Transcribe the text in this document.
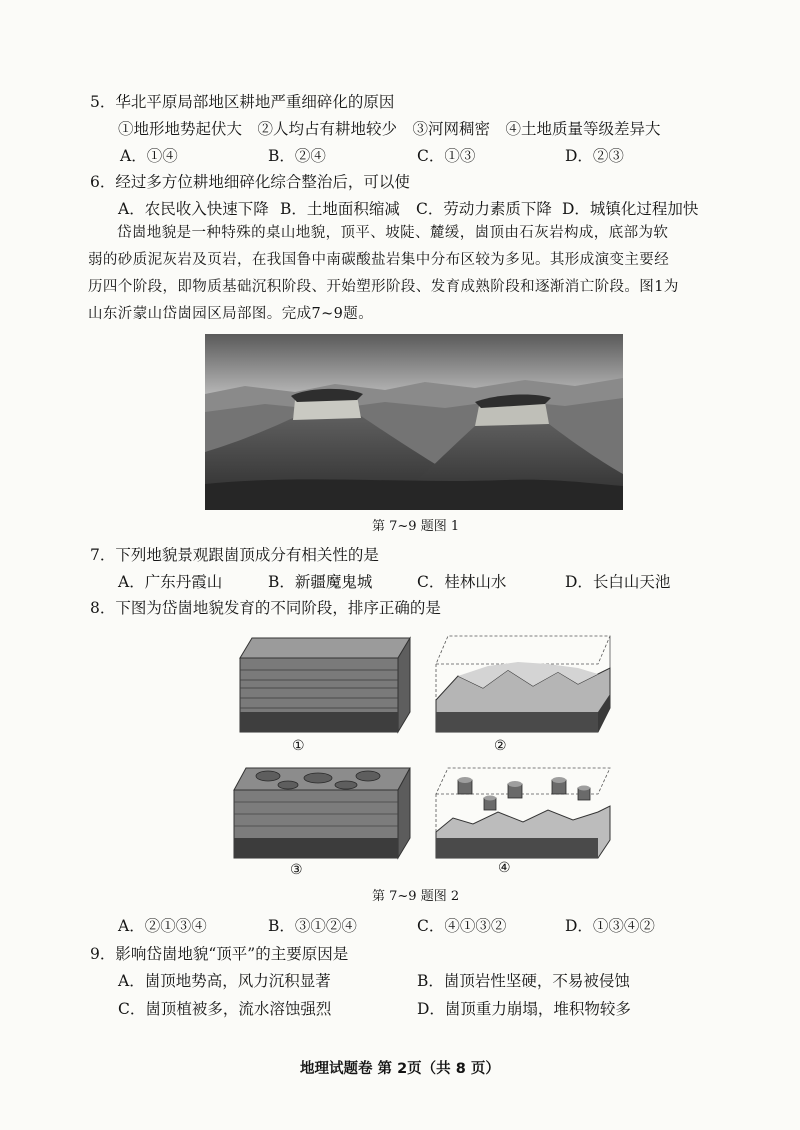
5．华北平原局部地区耕地严重细碎化的原因
①地形地势起伏大　②人均占有耕地较少　③河网稠密　④土地质量等级差异大
A．①④	B．②④	C．①③	D．②③
6．经过多方位耕地细碎化综合整治后，可以使
A．农民收入快速下降 B．土地面积缩减 C．劳动力素质下降 D．城镇化过程加快
岱崮地貌是一种特殊的桌山地貌，顶平、坡陡、麓缓，崮顶由石灰岩构成，底部为软
弱的砂质泥灰岩及页岩，在我国鲁中南碳酸盐岩集中分布区较为多见。其形成演变主要经
历四个阶段，即物质基础沉积阶段、开始塑形阶段、发育成熟阶段和逐渐消亡阶段。图1为
山东沂蒙山岱崮园区局部图。完成7~9题。
第 7~9 题图 1
7．下列地貌景观跟崮顶成分有相关性的是
A．广东丹霞山	B．新疆魔鬼城	C．桂林山水	D．长白山天池
8．下图为岱崮地貌发育的不同阶段，排序正确的是
①	②
③	④
第 7~9 题图 2
A．②①③④	B．③①②④	C．④①③②	D．①③④②
9．影响岱崮地貌“顶平”的主要原因是
A．崮顶地势高，风力沉积显著	B．崮顶岩性坚硬，不易被侵蚀
C．崮顶植被多，流水溶蚀强烈	D．崮顶重力崩塌，堆积物较多
地理试题卷 第 2页（共 8 页）
